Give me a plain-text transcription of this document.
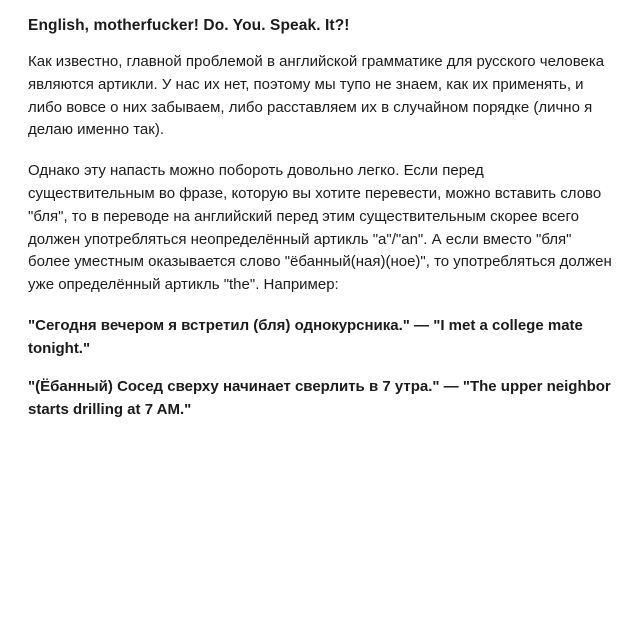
English, motherfucker! Do. You. Speak. It?!

Как известно, главной проблемой в английской грамматике для русского человека являются артикли. У нас их нет, поэтому мы тупо не знаем, как их применять, и либо вовсе о них забываем, либо расставляем их в случайном порядке (лично я делаю именно так).

Однако эту напасть можно побороть довольно легко. Если перед существительным во фразе, которую вы хотите перевести, можно вставить слово "бля", то в переводе на английский перед этим существительным скорее всего должен употребляться неопределённый артикль "a"/"an". А если вместо "бля" более уместным оказывается слово "ёбанный(ная)(ное)", то употребляться должен уже определённый артикль "the". Например:

"Сегодня вечером я встретил (бля) однокурсника." — "I met a college mate tonight."

"(Ёбанный) Сосед сверху начинает сверлить в 7 утра." — "The upper neighbor starts drilling at 7 AM."
